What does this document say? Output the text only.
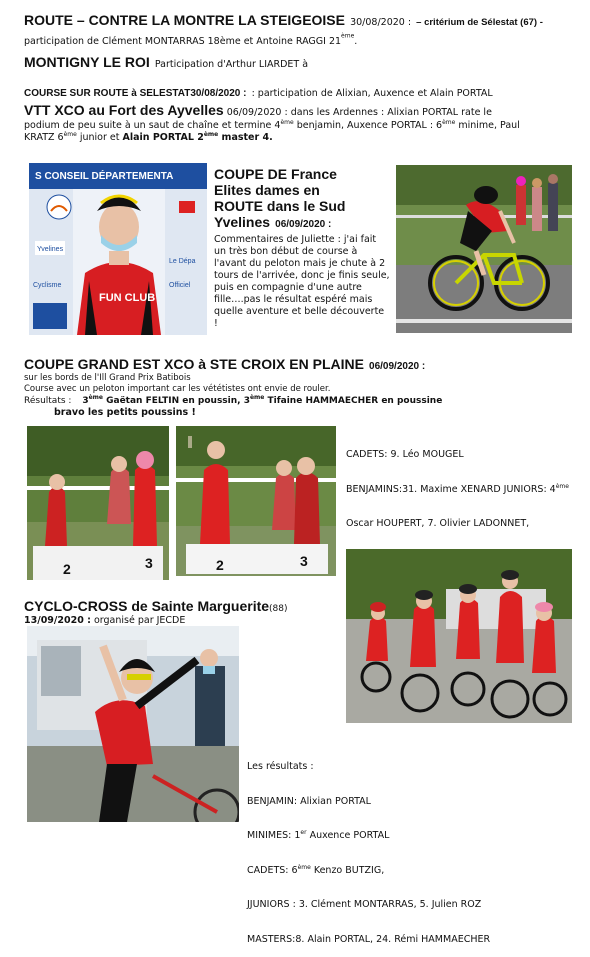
ROUTE – CONTRE LA MONTRE LA STEIGEOISE 30/08/2020 : – critérium de Sélestat (67) - participation de Clément MONTARRAS 18ème et Antoine RAGGI 21ème.
MONTIGNY LE ROI Participation d'Arthur LIARDET à
COURSE SUR ROUTE à SELESTAT30/08/2020 : : participation de Alixian, Auxence et Alain PORTAL
VTT XCO au Fort des Ayvelles 06/09/2020 : dans les Ardennes : Alixian PORTAL rate le
podium de peu suite à un saut de chaîne et termine 4ème benjamin, Auxence PORTAL : 6ème minime, Paul
KRATZ 6ème junior et Alain PORTAL 2ème master 4.
S CONSEIL DÉPARTEMENTA
Yvelines
Cyclisme	Officiel
Le Dépa
FUN CLUB
COUPE DE France
Elites dames en
ROUTE dans le Sud
Yvelines 06/09/2020 :
Commentaires de Juliette : j'ai fait un très bon début de course à l'avant du peloton mais je chute à 2 tours de l'arrivée, donc je finis seule, puis en compagnie d'une autre fille….pas le résultat espéré mais quelle aventure et belle découverte !
COUPE GRAND EST XCO à STE CROIX EN PLAINE 06/09/2020 :
sur les bords de l'Ill Grand Prix Batibois
Course avec un peloton important car les vététistes ont envie de rouler.
Résultats : 3ème Gaëtan FELTIN en poussin, 3ème Tifaine HAMMAECHER en poussine
bravo les petits poussins !
2	3	2	3

CADETS: 9. Léo MOUGEL

BENJAMINS:31. Maxime XENARD JUNIORS: 4ème

Oscar HOUPERT, 7. Olivier LADONNET,

CYCLO-CROSS de Sainte Marguerite(88)
13/09/2020 : organisé par JECDE

Les résultats :

BENJAMIN: Alixian PORTAL

MINIMES: 1er Auxence PORTAL

CADETS: 6ème Kenzo BUTZIG,

JJUNIORS : 3. Clément MONTARRAS, 5. Julien ROZ

MASTERS:8. Alain PORTAL, 24. Rémi HAMMAECHER
